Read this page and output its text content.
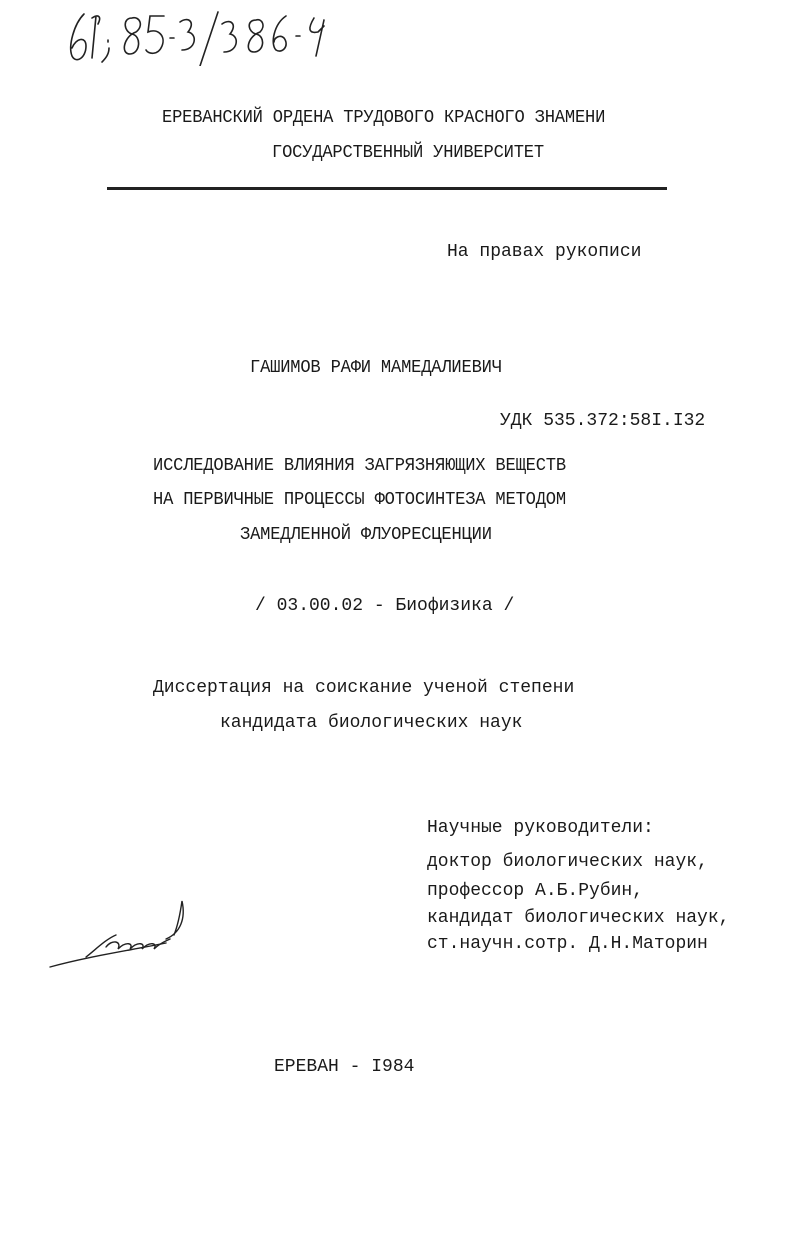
ЕРЕВАНСКИЙ ОРДЕНА ТРУДОВОГО КРАСНОГО ЗНАМЕНИ
ГОСУДАРСТВЕННЫЙ УНИВЕРСИТЕТ
На правах рукописи
ГАШИМОВ РАФИ МАМЕДАЛИЕВИЧ
УДК 535.372:58I.I32
ИССЛЕДОВАНИЕ ВЛИЯНИЯ ЗАГРЯЗНЯЮЩИХ ВЕЩЕСТВ
НА ПЕРВИЧНЫЕ ПРОЦЕССЫ ФОТОСИНТЕЗА МЕТОДОМ
ЗАМЕДЛЕННОЙ ФЛУОРЕСЦЕНЦИИ
/ 03.00.02 - Биофизика /
Диссертация на соискание ученой степени
кандидата биологических наук
Научные руководители:
доктор биологических наук,
профессор А.Б.Рубин,
кандидат биологических наук,
ст.научн.сотр. Д.Н.Маторин
ЕРЕВАН - I984
